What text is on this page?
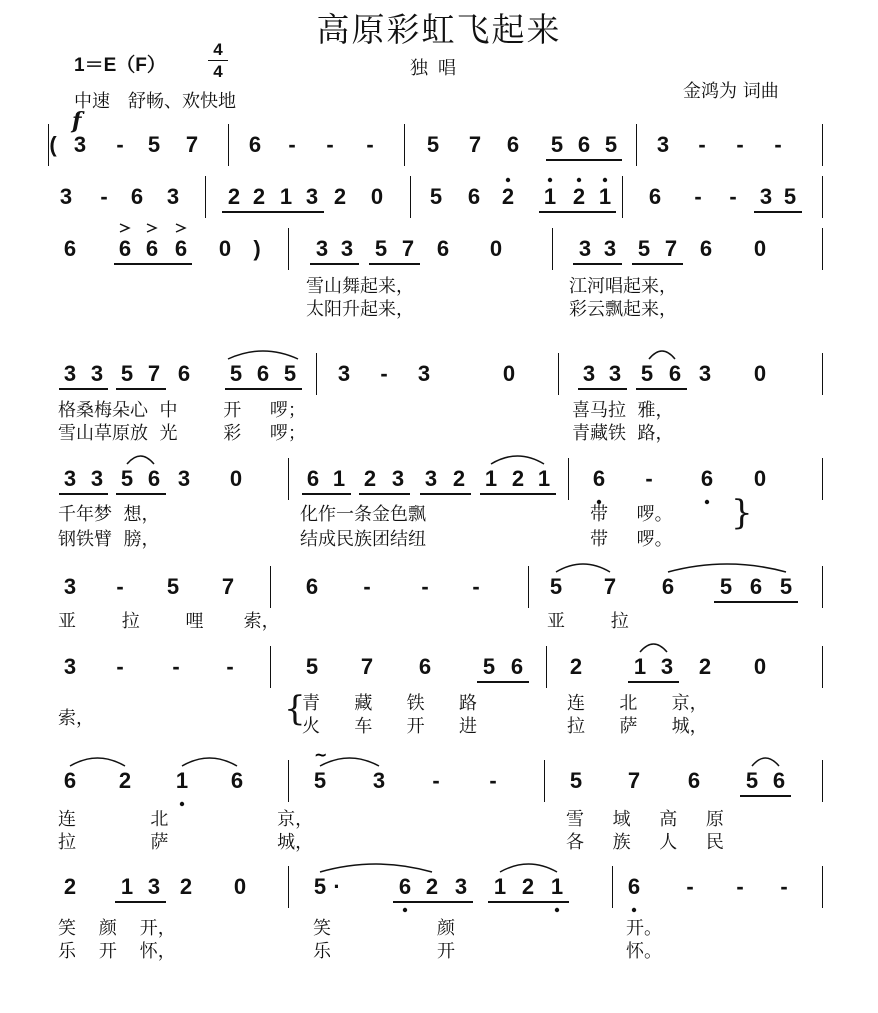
高原彩虹飞起来
1＝E（F）
4
4	独唱
金鸿为 词曲
中速　舒畅、欢快地
f
( 3	-	5 7 6	-	-	-	5 7 6 5 6 5 3	-	-	-
3	-	6 3 2 2 1 3 2 0 5 6 2 1 2 1 6	-	-	3 5
6 6 6 6 0	)	3 3 5 7 6 0	3 3 5 7 6 0
3 3 5 7 6 5 6 5 3	-	3	0	3 3 5 6 3 0
3 3 5 6 3 0	6 1 2 3 3 2 1 2 1 6	-	6 0
3	-	5 7	6	-	-	-	5 7 6 5 6 5
3	-	-	-	5 7 6 5 6 2 1 3 2 0
6 2 1 6	5 3	-	-	5 7 6 5 6
~
2 1 3 2 0	5 ·	6 2 3 1 2 1	6	-	-	-
雪山舞起来，	江河唱起来，
太阳升起来，	彩云飘起来，
格桑梅朵心  中        开     啰；	喜马拉  雅，
雪山草原放  光        彩     啰；	青藏铁  路，
千年梦  想，	化作一条金色飘	带     啰。
钢铁臂  膀，	结成民族团结纽	带     啰。
}
亚        拉        哩       索，	亚        拉
索，	{
青      藏      铁      路	连      北      京，
火      车      开      进	拉      萨      城，
连             北                   京，	雪     域     高     原
拉             萨                   城，	各     族     人     民
笑    颜    开，	笑	颜	开。
乐    开    怀，	乐	开	怀。
